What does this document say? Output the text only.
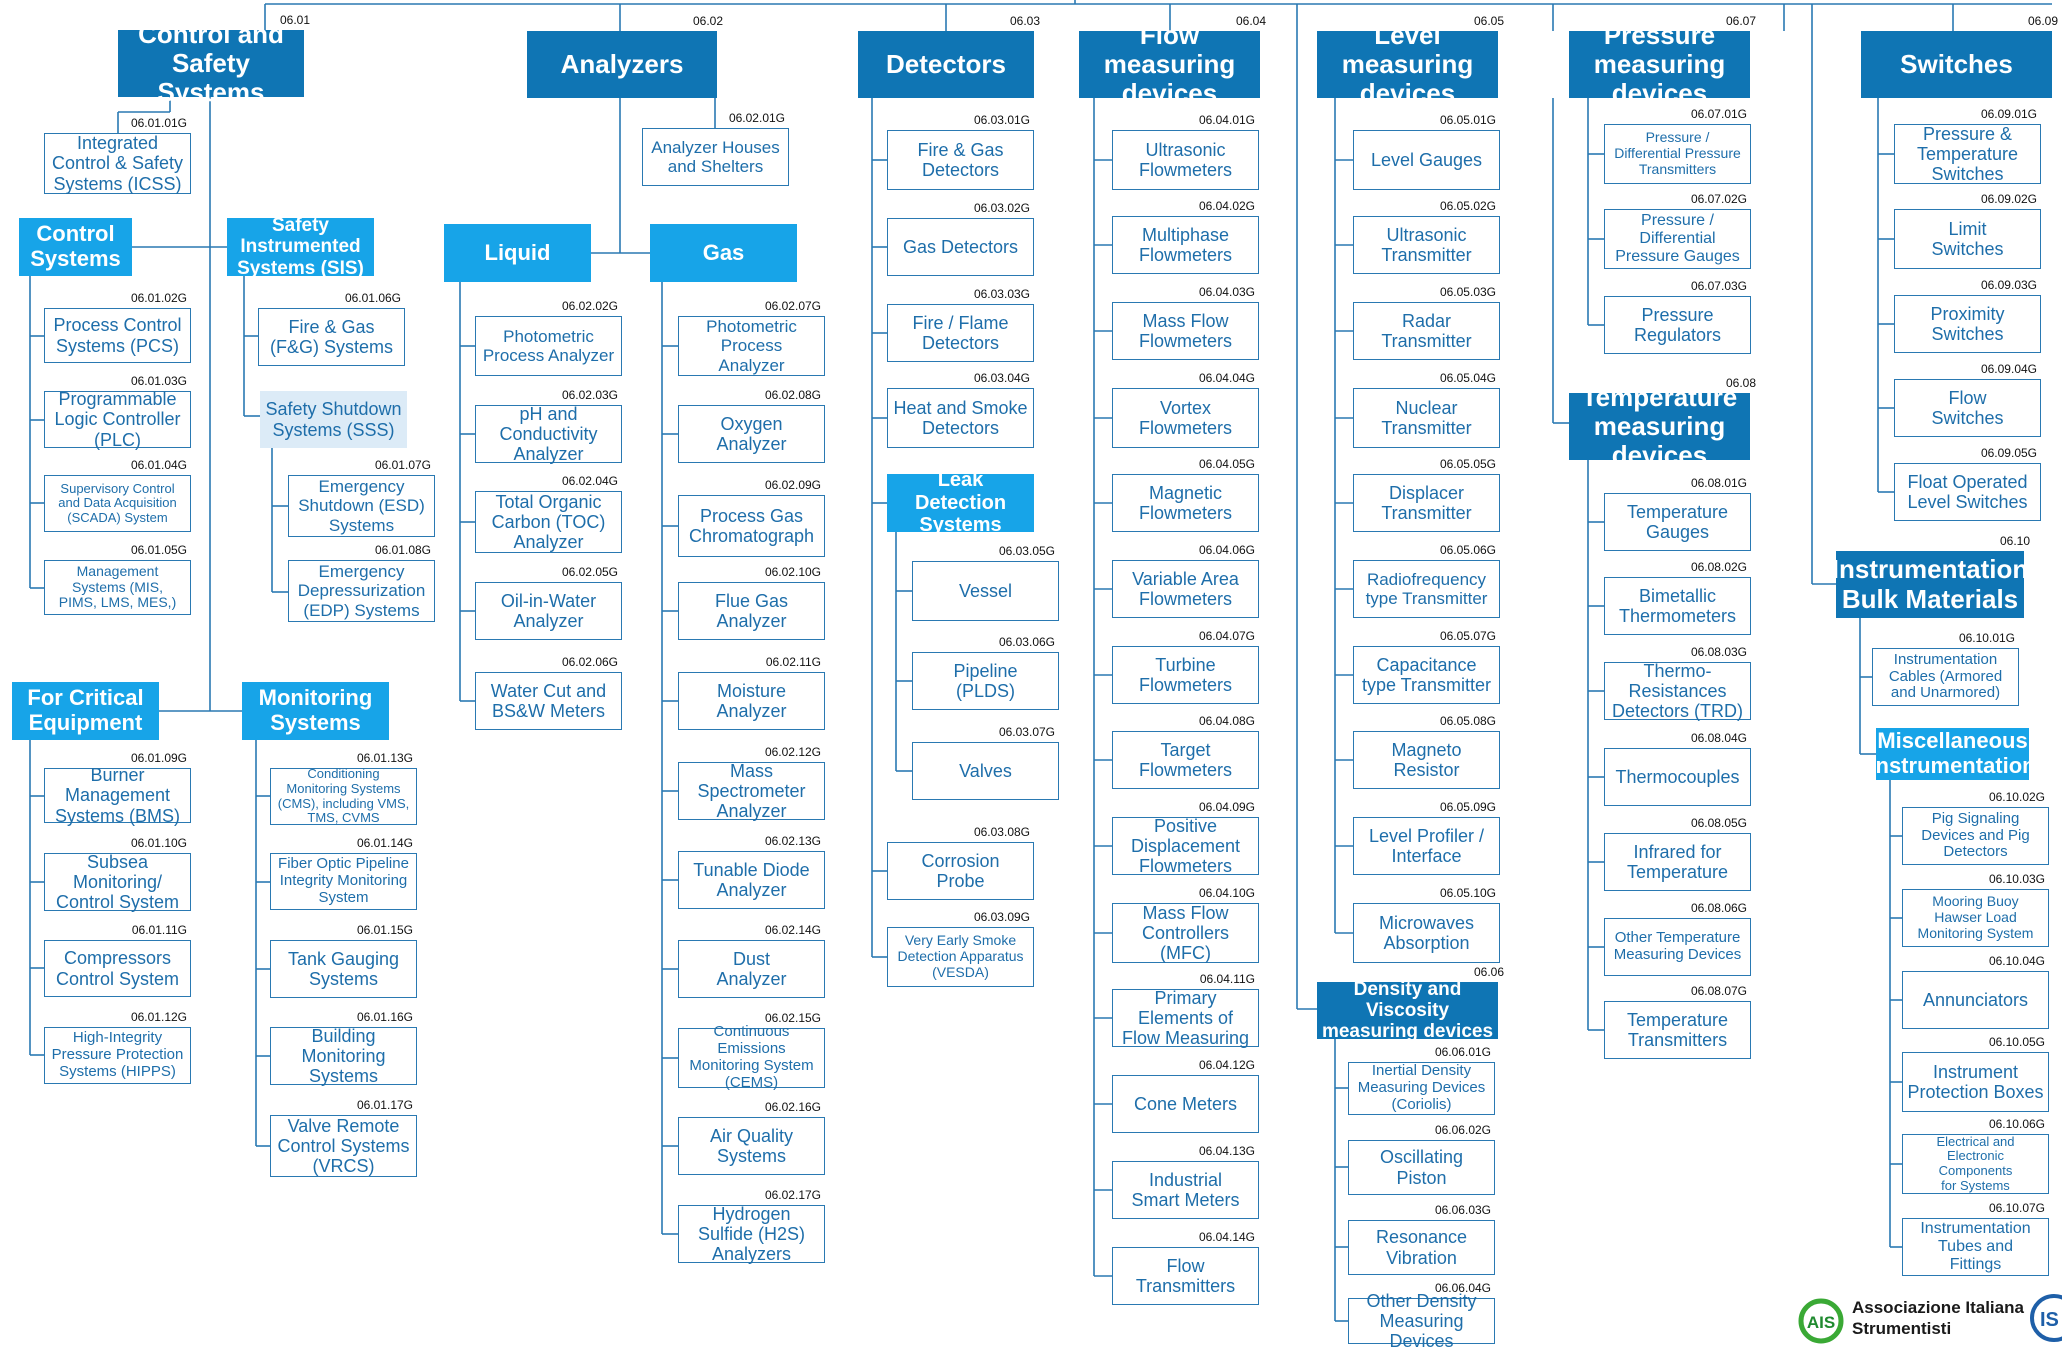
Control and
Safety Systems
06.01
Integrated
Control & Safety
Systems (ICSS)
06.01.01G
Control
Systems
Safety
Instrumented
Systems (SIS)
Process Control
Systems (PCS)
06.01.02G
Programmable
Logic Controller
(PLC)
06.01.03G
Supervisory Control
and Data Acquisition
(SCADA) System
06.01.04G
Management
Systems (MIS,
PIMS, LMS, MES,)
06.01.05G
Fire & Gas
(F&G) Systems
06.01.06G
Safety Shutdown
Systems (SSS)
Emergency
Shutdown (ESD)
Systems
06.01.07G
Emergency
Depressurization
(EDP) Systems
06.01.08G
For Critical
Equipment
Monitoring
Systems
Burner
Management
Systems (BMS)
06.01.09G
Subsea
Monitoring/
Control System
06.01.10G
Compressors
Control System
06.01.11G
High-Integrity
Pressure Protection
Systems (HIPPS)
06.01.12G
Conditioning
Monitoring Systems
(CMS), including VMS,
TMS, CVMS
06.01.13G
Fiber Optic Pipeline
Integrity Monitoring
System
06.01.14G
Tank Gauging
Systems
06.01.15G
Building
Monitoring
Systems
06.01.16G
Valve Remote
Control Systems
(VRCS)
06.01.17G
Analyzers
06.02
Analyzer Houses
and Shelters
06.02.01G
Liquid	Gas
Photometric
Process Analyzer
06.02.02G
pH and
Conductivity
Analyzer
06.02.03G
Total Organic
Carbon (TOC)
Analyzer
06.02.04G
Oil-in-Water
Analyzer
06.02.05G
Water Cut and
BS&W Meters
06.02.06G
Photometric
Process
Analyzer
06.02.07G
Oxygen
Analyzer
06.02.08G
Process Gas
Chromatograph
06.02.09G
Flue Gas
Analyzer
06.02.10G
Moisture
Analyzer
06.02.11G
Mass
Spectrometer
Analyzer
06.02.12G
Tunable Diode
Analyzer
06.02.13G
Dust
Analyzer
06.02.14G
Continuous
Emissions
Monitoring System
(CEMS)
06.02.15G
Air Quality
Systems
06.02.16G
Hydrogen
Sulfide (H2S)
Analyzers
06.02.17G
Detectors
06.03
Fire & Gas
Detectors
06.03.01G
Gas Detectors
06.03.02G
Fire / Flame
Detectors
06.03.03G
Heat and Smoke
Detectors
06.03.04G
Leak
Detection
Systems
Vessel
06.03.05G
Pipeline
(PLDS)
06.03.06G
Valves
06.03.07G
Corrosion
Probe
06.03.08G
Very Early Smoke
Detection Apparatus
(VESDA)
06.03.09G
Flow
measuring
devices
06.04
Ultrasonic
Flowmeters
06.04.01G
Multiphase
Flowmeters
06.04.02G
Mass Flow
Flowmeters
06.04.03G
Vortex
Flowmeters
06.04.04G
Magnetic
Flowmeters
06.04.05G
Variable Area
Flowmeters
06.04.06G
Turbine
Flowmeters
06.04.07G
Target
Flowmeters
06.04.08G
Positive
Displacement
Flowmeters
06.04.09G
Mass Flow
Controllers
(MFC)
06.04.10G
Primary
Elements of
Flow Measuring
06.04.11G
Cone Meters
06.04.12G
Industrial
Smart Meters
06.04.13G
Flow
Transmitters
06.04.14G
Level
measuring
devices
06.05
Level Gauges
06.05.01G
Ultrasonic
Transmitter
06.05.02G
Radar
Transmitter
06.05.03G
Nuclear
Transmitter
06.05.04G
Displacer
Transmitter
06.05.05G
Radiofrequency
type Transmitter
06.05.06G
Capacitance
type Transmitter
06.05.07G
Magneto
Resistor
06.05.08G
Level Profiler /
Interface
06.05.09G
Microwaves
Absorption
06.05.10G
Density and
Viscosity
measuring devices
06.06
Inertial Density
Measuring Devices
(Coriolis)
06.06.01G
Oscillating
Piston
06.06.02G
Resonance
Vibration
06.06.03G
Other Density
Measuring
Devices
06.06.04G
Pressure
measuring
devices
06.07
Pressure /
Differential Pressure
Transmitters
06.07.01G
Pressure /
Differential
Pressure Gauges
06.07.02G
Pressure
Regulators
06.07.03G
Temperature
measuring
devices
06.08
Temperature
Gauges
06.08.01G
Bimetallic
Thermometers
06.08.02G
Thermo-
Resistances
Detectors (TRD)
06.08.03G
Thermocouples
06.08.04G
Infrared for
Temperature
06.08.05G
Other Temperature
Measuring Devices
06.08.06G
Temperature
Transmitters
06.08.07G
Switches
06.09
Pressure &
Temperature
Switches
06.09.01G
Limit
Switches
06.09.02G
Proximity
Switches
06.09.03G
Flow
Switches
06.09.04G
Float Operated
Level Switches
06.09.05G
Instrumentation
Bulk Materials
06.10
Instrumentation
Cables (Armored
and Unarmored)
06.10.01G
Miscellaneous
Instrumentation
Pig Signaling
Devices and Pig
Detectors
06.10.02G
Mooring Buoy
Hawser Load
Monitoring System
06.10.03G
Annunciators
06.10.04G
Instrument
Protection Boxes
06.10.05G
Electrical and
Electronic
Components
for Systems
06.10.06G
Instrumentation
Tubes and
Fittings
06.10.07G
AIS
Associazione Italiana
Strumentisti	IS
